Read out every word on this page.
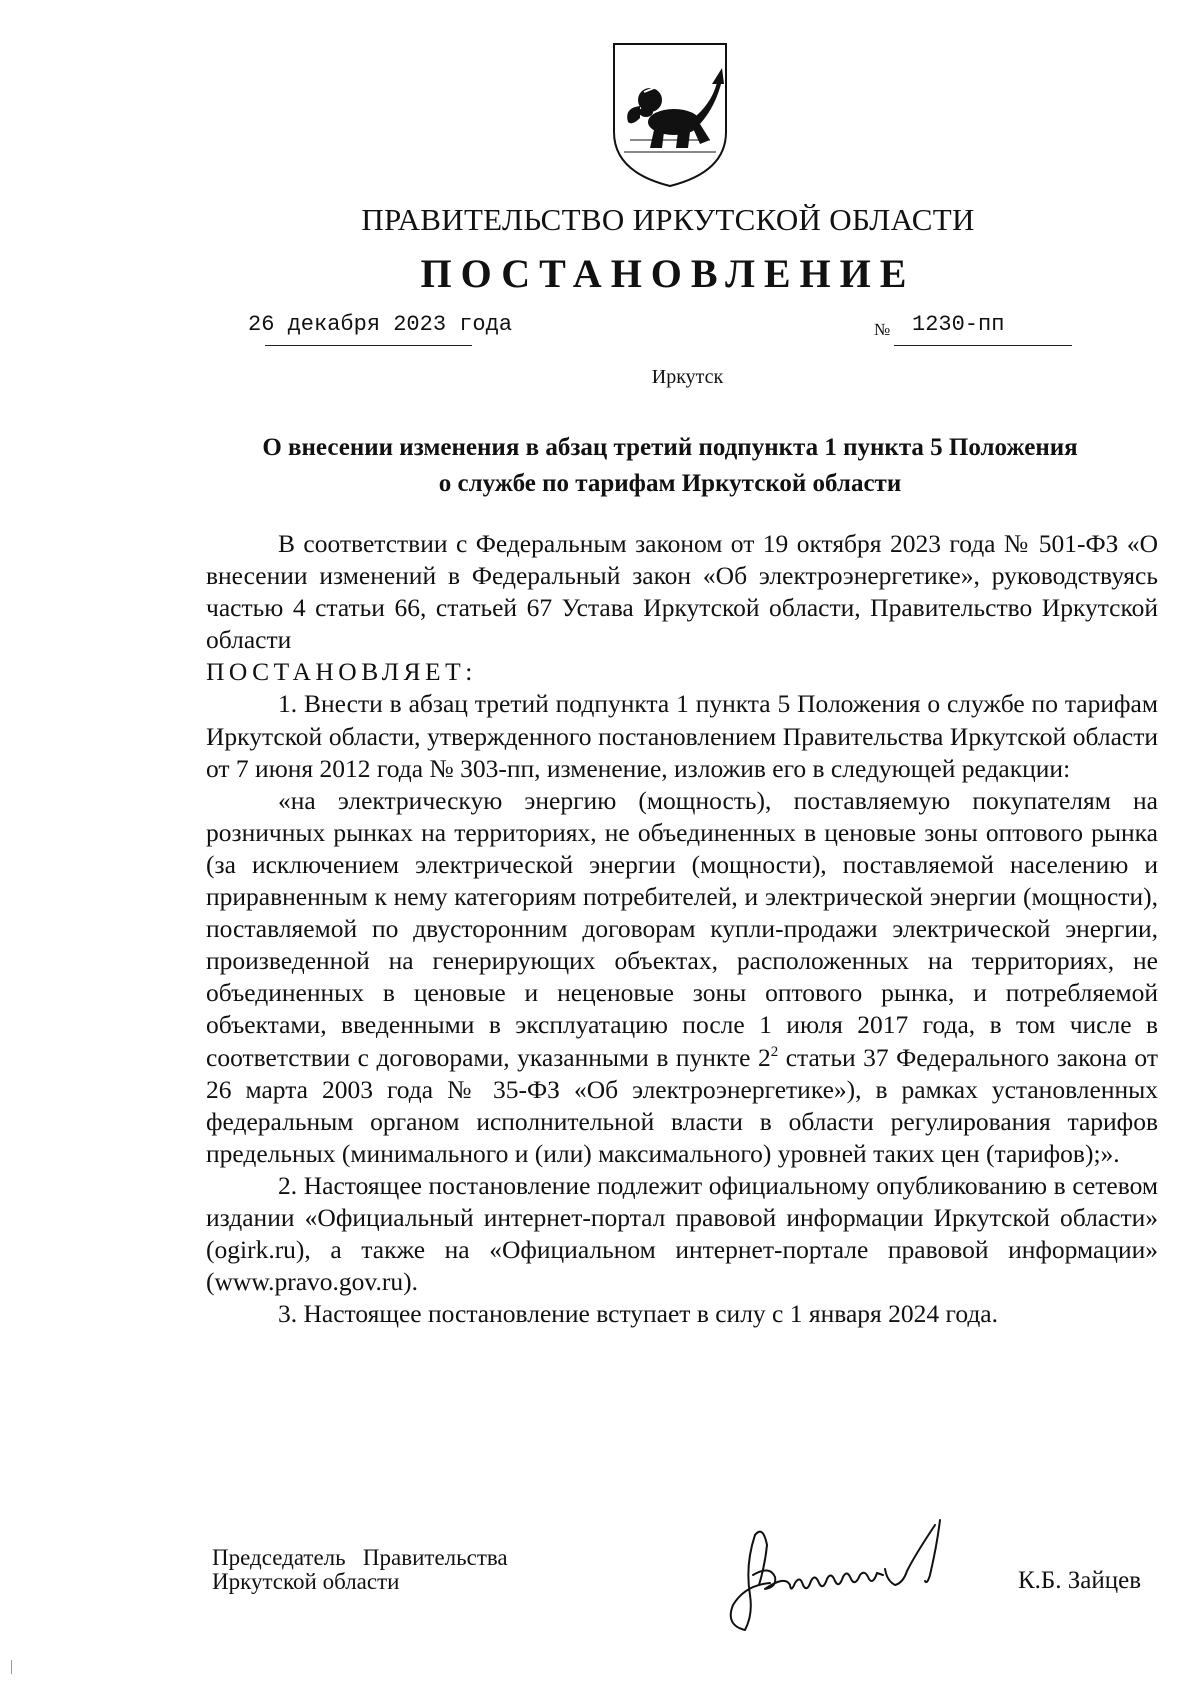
ПРАВИТЕЛЬСТВО ИРКУТСКОЙ ОБЛАСТИ
ПОСТАНОВЛЕНИЕ
26 декабря 2023 года	№ 1230-пп
Иркутск
О внесении изменения в абзац третий подпункта 1 пункта 5 Положения
о службе по тарифам Иркутской области

В соответствии с Федеральным законом от 19 октября 2023 года № 501-ФЗ «О внесении изменений в Федеральный закон «Об электроэнергетике», руководствуясь частью 4 статьи 66, статьей 67 Устава Иркутской области, Правительство Иркутской области

ПОСТАНОВЛЯЕТ:

1. Внести в абзац третий подпункта 1 пункта 5 Положения о службе по тарифам Иркутской области, утвержденного постановлением Правительства Иркутской области от 7 июня 2012 года № 303-пп, изменение, изложив его в следующей редакции:

«на электрическую энергию (мощность), поставляемую покупателям на розничных рынках на территориях, не объединенных в ценовые зоны оптового рынка (за исключением электрической энергии (мощности), поставляемой населению и приравненным к нему категориям потребителей, и электрической энергии (мощности), поставляемой по двусторонним договорам купли-продажи электрической энергии, произведенной на генерирующих объектах, расположенных на территориях, не объединенных в ценовые и неценовые зоны оптового рынка, и потребляемой объектами, введенными в эксплуатацию после 1 июля 2017 года, в том числе в соответствии с договорами, указанными в пункте $2^2$ статьи 37 Федерального закона от 26 марта 2003 года № 35-ФЗ «Об электроэнергетике»), в рамках установленных федеральным органом исполнительной власти в области регулирования тарифов предельных (минимального и (или) максимального) уровней таких цен (тарифов);».

2. Настоящее постановление подлежит официальному опубликованию в сетевом издании «Официальный интернет-портал правовой информации Иркутской области» (ogirk.ru), а также на «Официальном интернет-портале правовой информации» (www.pravo.gov.ru).

3. Настоящее постановление вступает в силу с 1 января 2024 года.

Председатель   Правительства
Иркутской области	К.Б. Зайцев
